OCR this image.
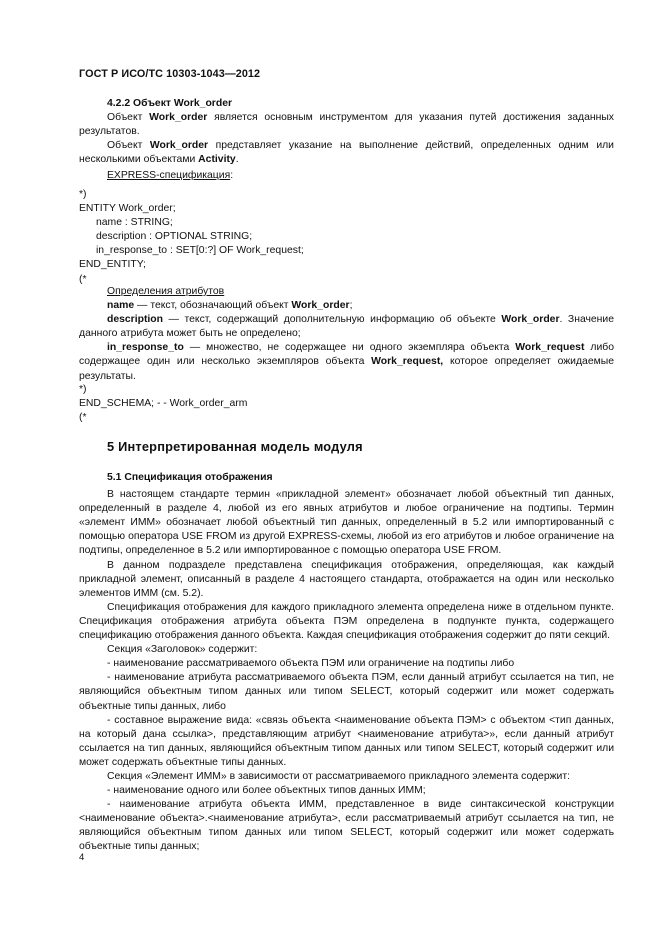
ГОСТ Р ИСО/ТС 10303-1043—2012

4.2.2 Объект Work_order

Объект Work_order является основным инструментом для указания путей достижения заданных результатов.

Объект Work_order представляет указание на выполнение действий, определенных одним или несколькими объектами Activity.

EXPRESS-спецификация:

*)

ENTITY Work_order;

name : STRING;

description : OPTIONAL STRING;

in_response_to : SET[0:?] OF Work_request;

END_ENTITY;

(*

Определения атрибутов

name — текст, обозначающий объект Work_order;

description — текст, содержащий дополнительную информацию об объекте Work_order. Значение данного атрибута может быть не определено;

in_response_to — множество, не содержащее ни одного экземпляра объекта Work_request либо содержащее один или несколько экземпляров объекта Work_request, которое определяет ожидаемые результаты.

*)

END_SCHEMA; - - Work_order_arm

(*

5 Интерпретированная модель модуля

5.1 Спецификация отображения

В настоящем стандарте термин «прикладной элемент» обозначает любой объектный тип данных, определенный в разделе 4, любой из его явных атрибутов и любое ограничение на подтипы. Термин «элемент ИММ» обозначает любой объектный тип данных, определенный в 5.2 или импортированный с помощью оператора USE FROM из другой EXPRESS-схемы, любой из его атрибутов и любое ограничение на подтипы, определенное в 5.2 или импортированное с помощью оператора USE FROM.

В данном подразделе представлена спецификация отображения, определяющая, как каждый прикладной элемент, описанный в разделе 4 настоящего стандарта, отображается на один или несколько элементов ИММ (см. 5.2).

Спецификация отображения для каждого прикладного элемента определена ниже в отдельном пункте. Спецификация отображения атрибута объекта ПЭМ определена в подпункте пункта, содержащего спецификацию отображения данного объекта. Каждая спецификация отображения содержит до пяти секций.

Секция «Заголовок» содержит:

- наименование рассматриваемого объекта ПЭМ или ограничение на подтипы либо

- наименование атрибута рассматриваемого объекта ПЭМ, если данный атрибут ссылается на тип, не являющийся объектным типом данных или типом SELECT, который содержит или может содержать объектные типы данных, либо

- составное выражение вида: «связь объекта <наименование объекта ПЭМ> с объектом <тип данных, на который дана ссылка>, представляющим атрибут <наименование атрибута>», если данный атрибут ссылается на тип данных, являющийся объектным типом данных или типом SELECT, который содержит или может содержать объектные типы данных.

Секция «Элемент ИММ» в зависимости от рассматриваемого прикладного элемента содержит:

- наименование одного или более объектных типов данных ИММ;

- наименование атрибута объекта ИММ, представленное в виде синтаксической конструкции <наименование объекта>.<наименование атрибута>, если рассматриваемый атрибут ссылается на тип, не являющийся объектным типом данных или типом SELECT, который содержит или может содержать объектные типы данных;

4
